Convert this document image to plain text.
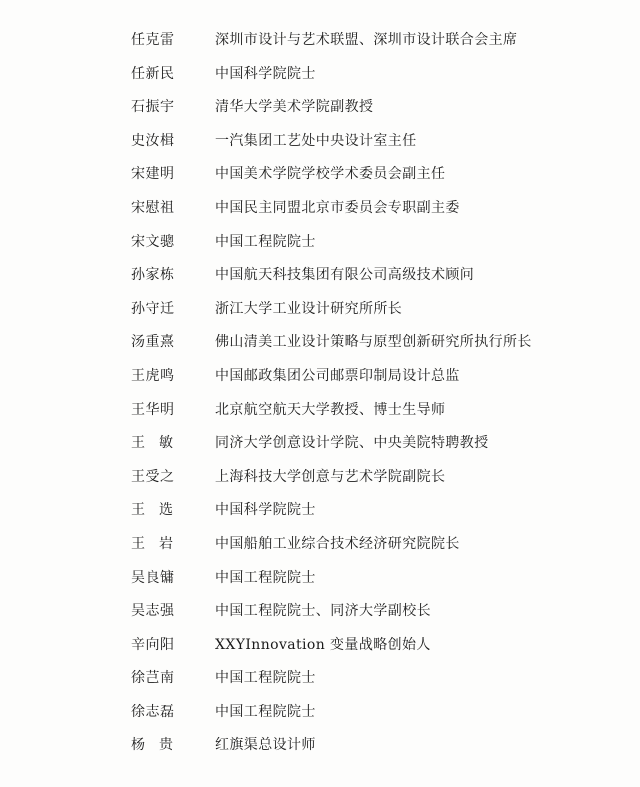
任克雷	深圳市设计与艺术联盟、深圳市设计联合会主席
任新民	中国科学院院士
石振宇	清华大学美术学院副教授
史汝楫	一汽集团工艺处中央设计室主任
宋建明	中国美术学院学校学术委员会副主任
宋慰祖	中国民主同盟北京市委员会专职副主委
宋文骢	中国工程院院士
孙家栋	中国航天科技集团有限公司高级技术顾问
孙守迁	浙江大学工业设计研究所所长
汤重熹	佛山清美工业设计策略与原型创新研究所执行所长
王虎鸣	中国邮政集团公司邮票印制局设计总监
王华明	北京航空航天大学教授、博士生导师
王　敏	同济大学创意设计学院、中央美院特聘教授
王受之	上海科技大学创意与艺术学院副院长
王　选	中国科学院院士
王　岩	中国船舶工业综合技术经济研究院院长
吴良镛	中国工程院院士
吴志强	中国工程院院士、同济大学副校长
辛向阳	XXYInnovation 变量战略创始人
徐芑南	中国工程院院士
徐志磊	中国工程院院士
杨　贵	红旗渠总设计师
